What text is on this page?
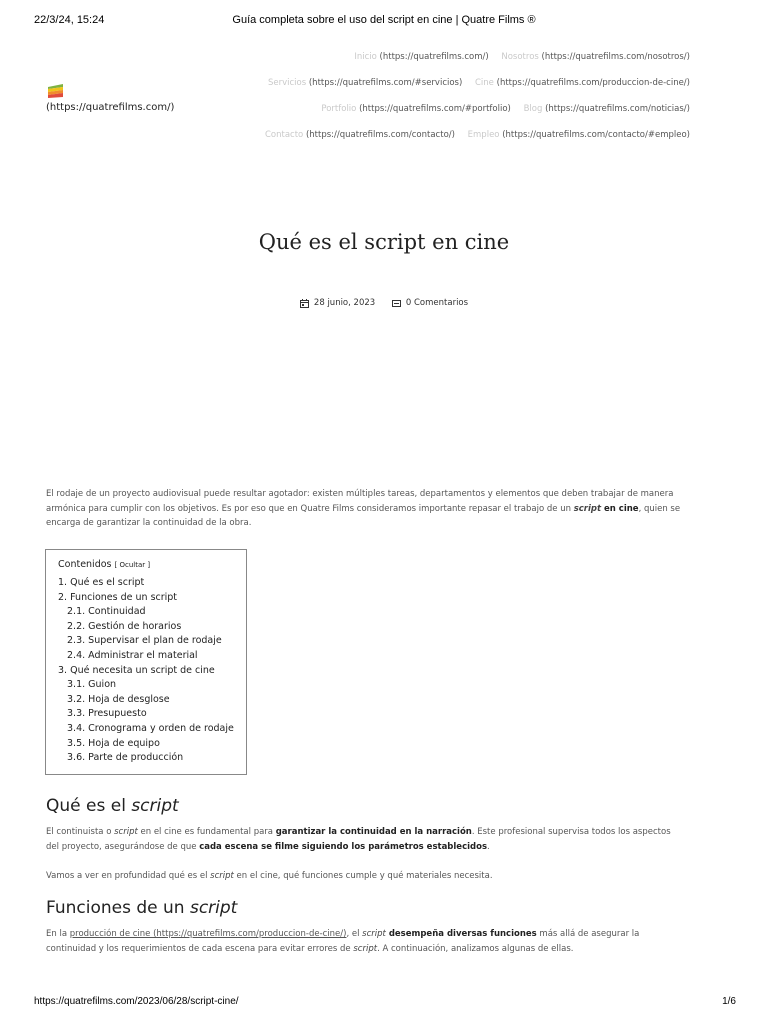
22/3/24, 15:24	Guía completa sobre el uso del script en cine | Quatre Films ®
(https://quatrefilms.com/)
Inicio (https://quatrefilms.com/) Nosotros (https://quatrefilms.com/nosotros/)
Servicios (https://quatrefilms.com/#servicios) Cine (https://quatrefilms.com/produccion-de-cine/)
Portfolio (https://quatrefilms.com/#portfolio) Blog (https://quatrefilms.com/noticias/)
Contacto (https://quatrefilms.com/contacto/) Empleo (https://quatrefilms.com/contacto/#empleo)
Qué es el script en cine
28 junio, 2023
	0 Comentarios

El rodaje de un proyecto audiovisual puede resultar agotador: existen múltiples tareas, departamentos y elementos que deben trabajar de manera armónica para cumplir con los objetivos. Es por eso que en Quatre Films consideramos importante repasar el trabajo de un script en cine, quien se encarga de garantizar la continuidad de la obra.

Contenidos [ Ocultar ]
1. Qué es el script
2. Funciones de un script
2.1. Continuidad
2.2. Gestión de horarios
2.3. Supervisar el plan de rodaje
2.4. Administrar el material
3. Qué necesita un script de cine
3.1. Guion
3.2. Hoja de desglose
3.3. Presupuesto
3.4. Cronograma y orden de rodaje
3.5. Hoja de equipo
3.6. Parte de producción
Qué es el script

El continuista o script en el cine es fundamental para garantizar la continuidad en la narración. Este profesional supervisa todos los aspectos del proyecto, asegurándose de que cada escena se filme siguiendo los parámetros establecidos.

Vamos a ver en profundidad qué es el script en el cine, qué funciones cumple y qué materiales necesita.

Funciones de un script

En la producción de cine (https://quatrefilms.com/produccion-de-cine/), el script desempeña diversas funciones más allá de asegurar la continuidad y los requerimientos de cada escena para evitar errores de script. A continuación, analizamos algunas de ellas.

https://quatrefilms.com/2023/06/28/script-cine/	1/6
